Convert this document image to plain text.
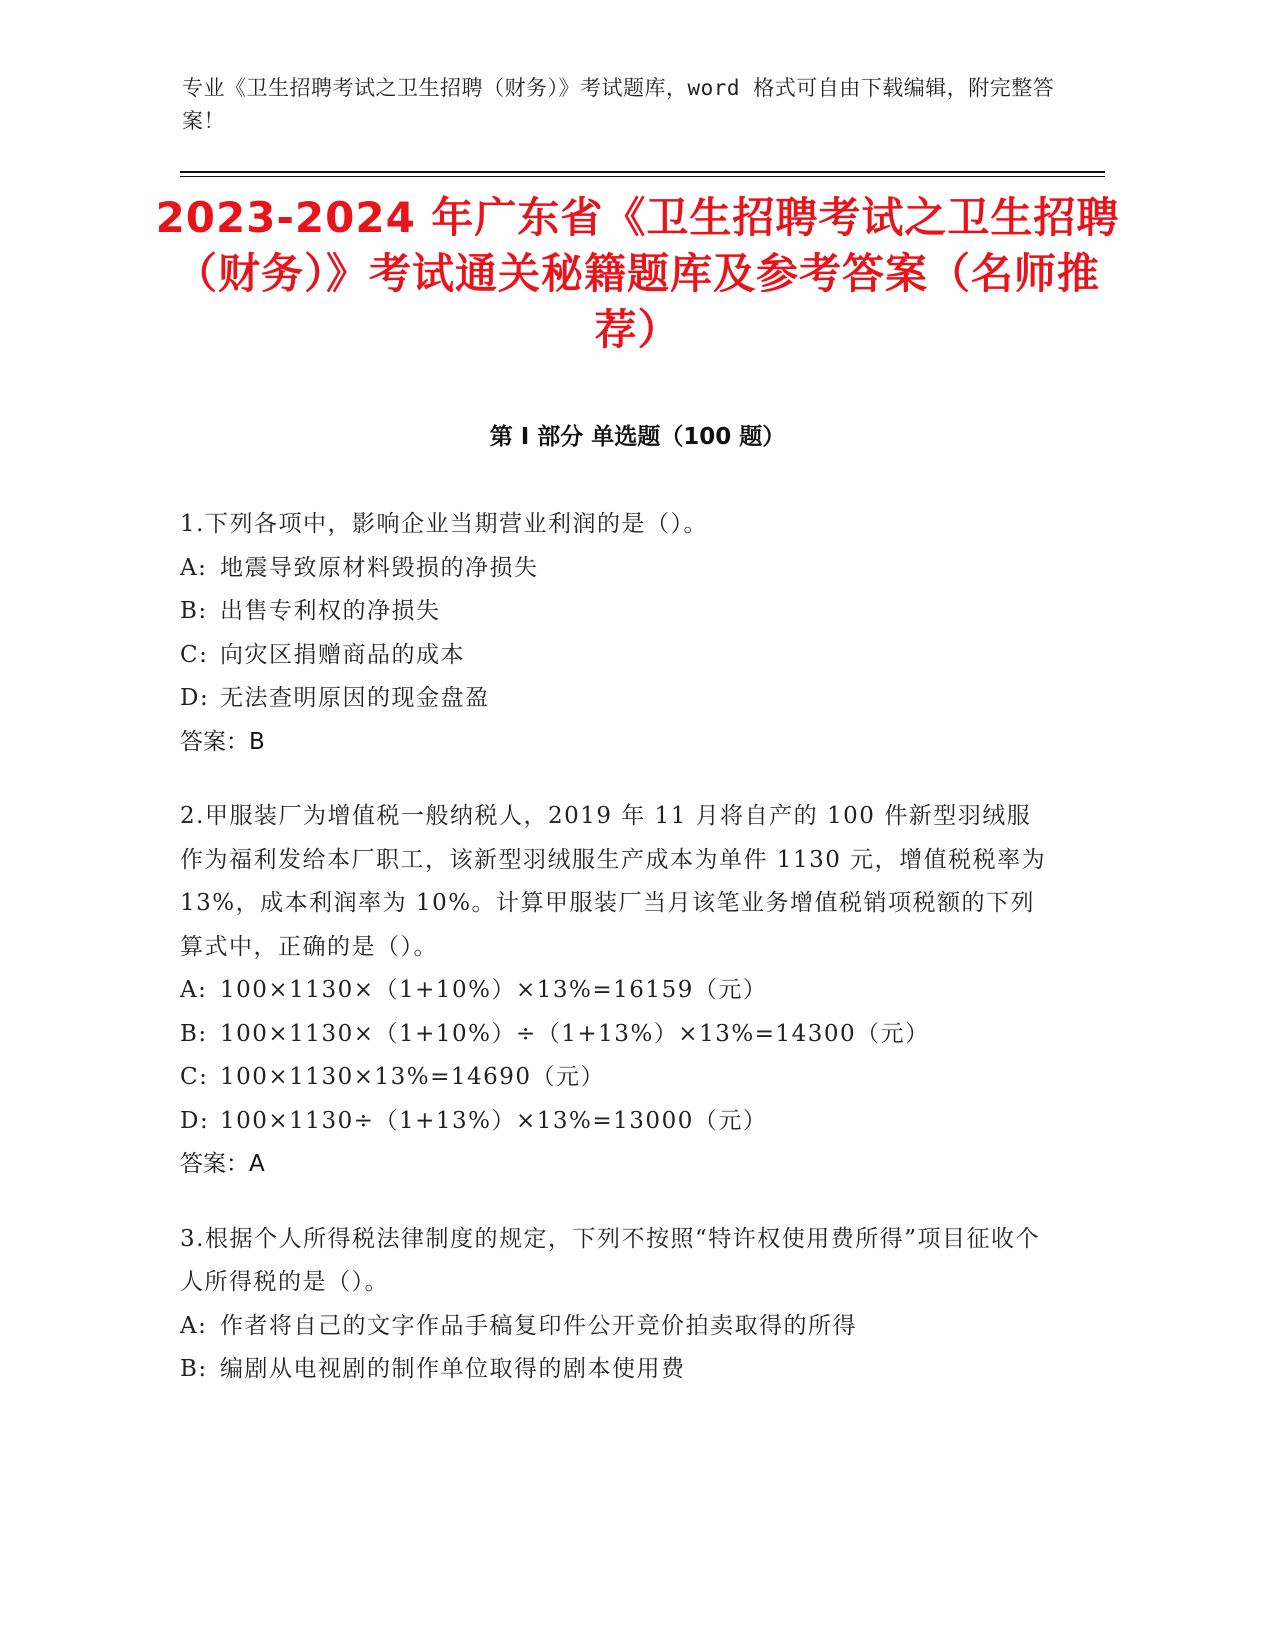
专业《卫生招聘考试之卫生招聘（财务）》考试题库，word 格式可自由下载编辑，附完整答案！
2023-2024 年广东省《卫生招聘考试之卫生招聘（财务）》考试通关秘籍题库及参考答案（名师推荐）
第 I 部分 单选题（100 题）
1.下列各项中，影响企业当期营业利润的是（）。
A: 地震导致原材料毁损的净损失
B: 出售专利权的净损失
C: 向灾区捐赠商品的成本
D: 无法查明原因的现金盘盈
答案：B
2.甲服装厂为增值税一般纳税人，2019 年 11 月将自产的 100 件新型羽绒服作为福利发给本厂职工，该新型羽绒服生产成本为单件 1130 元，增值税税率为 13%，成本利润率为 10%。计算甲服装厂当月该笔业务增值税销项税额的下列算式中，正确的是（）。
A: 100×1130×（1+10%）×13%=16159（元）
B: 100×1130×（1+10%）÷（1+13%）×13%=14300（元）
C: 100×1130×13%=14690（元）
D: 100×1130÷（1+13%）×13%=13000（元）
答案：A
3.根据个人所得税法律制度的规定，下列不按照“特许权使用费所得”项目征收个人所得税的是（）。
A: 作者将自己的文字作品手稿复印件公开竞价拍卖取得的所得
B: 编剧从电视剧的制作单位取得的剧本使用费
